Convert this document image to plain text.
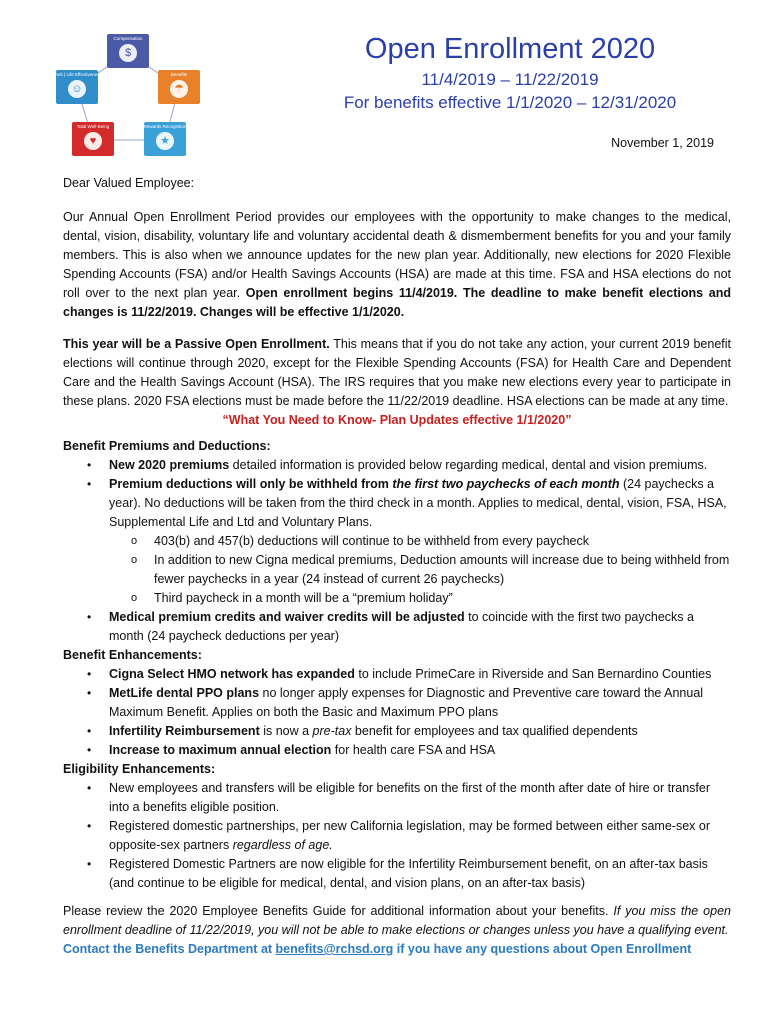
Compensation
$
Work | Life Effectiveness
☺
Benefits
☂
Total Well-Being
♥
Rewards Recognition
★
Open Enrollment 2020
11/4/2019 – 11/22/2019
For benefits effective 1/1/2020 – 12/31/2020
November 1, 2019

Dear Valued Employee:

Our Annual Open Enrollment Period provides our employees with the opportunity to make changes to the medical, dental, vision, disability, voluntary life and voluntary accidental death & dismemberment benefits for you and your family members. This is also when we announce updates for the new plan year. Additionally, new elections for 2020 Flexible Spending Accounts (FSA) and/or Health Savings Accounts (HSA) are made at this time. FSA and HSA elections do not roll over to the next plan year. Open enrollment begins 11/4/2019. The deadline to make benefit elections and changes is 11/22/2019. Changes will be effective 1/1/2020.

This year will be a Passive Open Enrollment. This means that if you do not take any action, your current 2019 benefit elections will continue through 2020, except for the Flexible Spending Accounts (FSA) for Health Care and Dependent Care and the Health Savings Account (HSA). The IRS requires that you make new elections every year to participate in these plans. 2020 FSA elections must be made before the 11/22/2019 deadline. HSA elections can be made at any time.

“What You Need to Know- Plan Updates effective 1/1/2020”

Benefit Premiums and Deductions:

• New 2020 premiums detailed information is provided below regarding medical, dental and vision premiums.
• Premium deductions will only be withheld from the first two paychecks of each month (24 paychecks a year). No deductions will be taken from the third check in a month. Applies to medical, dental, vision, FSA, HSA, Supplemental Life and Ltd and Voluntary Plans.
o 403(b) and 457(b) deductions will continue to be withheld from every paycheck
o In addition to new Cigna medical premiums, Deduction amounts will increase due to being withheld from fewer paychecks in a year (24 instead of current 26 paychecks)
o Third paycheck in a month will be a “premium holiday”
• Medical premium credits and waiver credits will be adjusted to coincide with the first two paychecks a month (24 paycheck deductions per year)

Benefit Enhancements:

• Cigna Select HMO network has expanded to include PrimeCare in Riverside and San Bernardino Counties
• MetLife dental PPO plans no longer apply expenses for Diagnostic and Preventive care toward the Annual Maximum Benefit. Applies on both the Basic and Maximum PPO plans
• Infertility Reimbursement is now a pre-tax benefit for employees and tax qualified dependents
• Increase to maximum annual election for health care FSA and HSA

Eligibility Enhancements:

• New employees and transfers will be eligible for benefits on the first of the month after date of hire or transfer into a benefits eligible position.
• Registered domestic partnerships, per new California legislation, may be formed between either same-sex or opposite-sex partners regardless of age.
• Registered Domestic Partners are now eligible for the Infertility Reimbursement benefit, on an after-tax basis (and continue to be eligible for medical, dental, and vision plans, on an after-tax basis)

Please review the 2020 Employee Benefits Guide for additional information about your benefits. If you miss the open enrollment deadline of 11/22/2019, you will not be able to make elections or changes unless you have a qualifying event.

Contact the Benefits Department at benefits@rchsd.org if you have any questions about Open Enrollment
